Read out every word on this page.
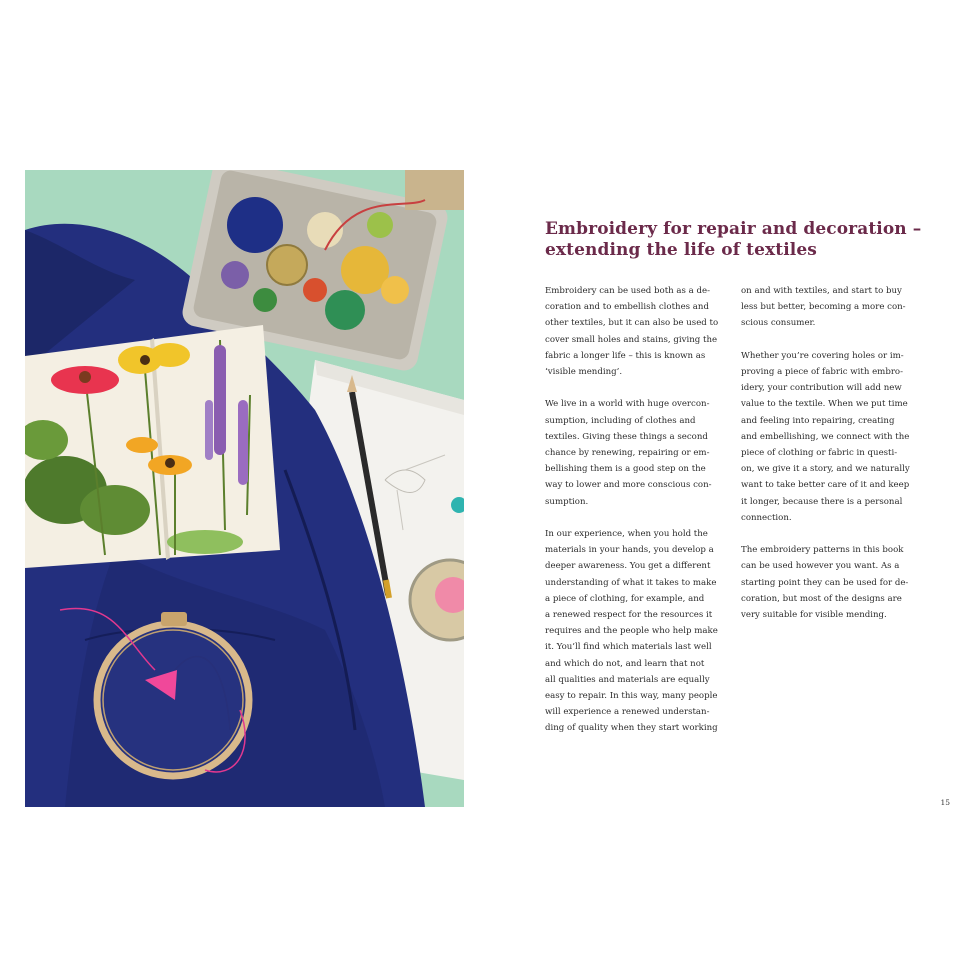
Embroidery for repair and decoration –
extending the life of textiles

Embroidery can be used both as a de-
coration and to embellish clothes and
other textiles, but it can also be used to
cover small holes and stains, giving the
fabric a longer life – this is known as
‘visible mending’.

We live in a world with huge overcon-
sumption, including of clothes and
textiles. Giving these things a second
chance by renewing, repairing or em-
bellishing them is a good step on the
way to lower and more conscious con-
sumption.

In our experience, when you hold the
materials in your hands, you develop a
deeper awareness. You get a different
understanding of what it takes to make
a piece of clothing, for example, and
a renewed respect for the resources it
requires and the people who help make
it. You’ll find which materials last well
and which do not, and learn that not
all qualities and materials are equally
easy to repair. In this way, many people
will experience a renewed understan-
ding of quality when they start working

on and with textiles, and start to buy
less but better, becoming a more con-
scious consumer.

Whether you’re covering holes or im-
proving a piece of fabric with embro-
idery, your contribution will add new
value to the textile. When we put time
and feeling into repairing, creating
and embellishing, we connect with the
piece of clothing or fabric in questi-
on, we give it a story, and we naturally
want to take better care of it and keep
it longer, because there is a personal
connection.

The embroidery patterns in this book
can be used however you want. As a
starting point they can be used for de-
coration, but most of the designs are
very suitable for visible mending.

15
